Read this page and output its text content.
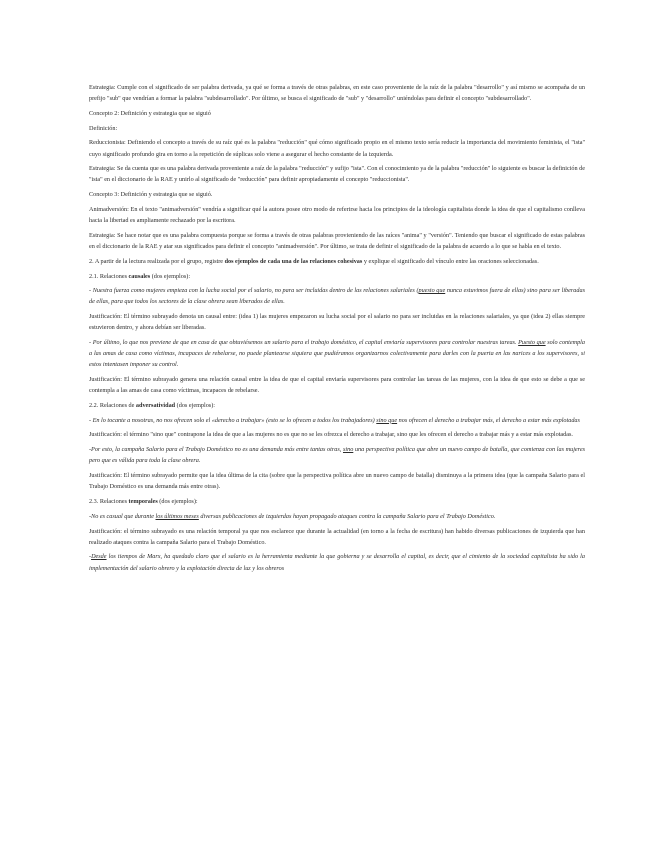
Estrategia: Cumple con el significado de ser palabra derivada, ya qué se forma a través de otras palabras, en este caso proveniente de la raíz de la palabra "desarrollo" y así mismo se acompaña de un prefijo "sub" que vendrían a formar la palabra "subdesarrollado". Por último, se busca el significado de "sub" y "desarrollo" uniéndolas para definir el concepto "subdesarrollado".

Concepto 2: Definición y estrategia que se siguió

Definición:

Reduccionista: Definiendo el concepto a través de su raíz qué es la palabra "reducción" qué cómo significado propio en el mismo texto sería reducir la importancia del movimiento feminista, el "ista" cuyo significado profundo gira en torno a la repetición de súplicas solo viene a asegurar el hecho constante de la izquierda.

Estrategia: Se da cuenta que es una palabra derivada proveniente a raíz de la palabra "reducción" y sufijo "ista". Con el conocimiento ya de la palabra "reducción" lo siguiente es buscar la definición de "ista" en el diccionario de la RAE y unirlo al significado de "reducción" para definir apropiadamente el concepto "reduccionista".

Concepto 3: Definición y estrategia que se siguió.

Animadversión: En el texto "animadversión" vendría a significar qué la autora posee otro modo de referirse hacia los principios de la ideología capitalista donde la idea de que el capitalismo conlleva hacia la libertad es ampliamente rechazado por la escritora.

Estrategia: Se hace notar que es una palabra compuesta porque se forma a través de otras palabras provieniendo de las raíces "anima" y "versión". Teniendo que buscar el significado de estas palabras en el diccionario de la RAE y atar sus significados para definir el concepto "animadversión". Por último, se trata de definir el significado de la palabra de acuerdo a lo que se habla en el texto.

2. A partir de la lectura realizada por el grupo, registre dos ejemplos de cada una de las relaciones cohesivas y explique el significado del vínculo entre las oraciones seleccionadas.

2.1. Relaciones causales (dos ejemplos):

- Nuestra fuerza como mujeres empieza con la lucha social por el salario, no para ser incluidas dentro de las relaciones salariales (puesto que nunca estuvimos fuera de ellas) sino para ser liberadas de ellas, para que todos los sectores de la clase obrera sean liberados de ellas.

Justificación: El término subrayado denota un causal entre: (idea 1) las mujeres empezaron su lucha social por el salario no para ser incluidas en la relaciones salariales, ya que (idea 2) ellas siempre estuvieron dentro, y ahora debían ser liberadas.

- Por último, lo que nos previene de que en casa de que obtuviésemos un salario para el trabajo doméstico, el capital enviaría supervisores para controlar nuestras tareas. Puesto que solo contempla a las amas de casa como víctimas, incapaces de rebelarse, no puede plantearse siquiera que pudiéramos organizarnos colectivamente para darles con la puerta en las narices a los supervisores, si estos intentasen imponer su control.

Justificación: El término subrayado genera una relación causal entre la idea de que el capital enviaría supervisores para controlar las tareas de las mujeres, con la idea de que esto se debe a que se contempla a las amas de casa como víctimas, incapaces de rebelarse.

2.2. Relaciones de adversatividad (dos ejemplos):

- En lo tocante a nosotras, no nos ofrecen solo el «derecho a trabajar» (esto se lo ofrecen a todos los trabajadores) sino que nos ofrecen el derecho a trabajar más, el derecho a estar más explotadas

Justificación: el término "sino que" contrapone la idea de que a las mujeres no es que no se les ofrezca el derecho a trabajar, sino que les ofrecen el derecho a trabajar más y a estar más explotadas.

-Por esto, la campaña Salario para el Trabajo Doméstico no es una demanda más entre tantas otras, sino una perspectiva política que abre un nuevo campo de batalla, que comienza con las mujeres pero que es válida para toda la clase obrera.

Justificación: El término subrayado permite que la idea última de la cita (sobre que la perspectiva política abre un nuevo campo de batalla) disminuya a la primera idea (que la campaña Salario para el Trabajo Doméstico es una demanda más entre otras).

2.3. Relaciones temporales (dos ejemplos):

-No es casual que durante los últimos meses diversas publicaciones de izquierdas hayan propagado ataques contra la campaña Salario para el Trabajo Doméstico.

Justificación: el término subrayado es una relación temporal ya que nos esclarece que durante la actualidad (en torno a la fecha de escritura) han habido diversas publicaciones de izquierda que han realizado ataques contra la campaña Salario para el Trabajo Doméstico.

-Desde los tiempos de Marx, ha quedado claro que el salario es la herramienta mediante la que gobierna y se desarrolla el capital, es decir, que el cimiento de la sociedad capitalista ha sido la implementación del salario obrero y la explotación directa de luz y los obreros
